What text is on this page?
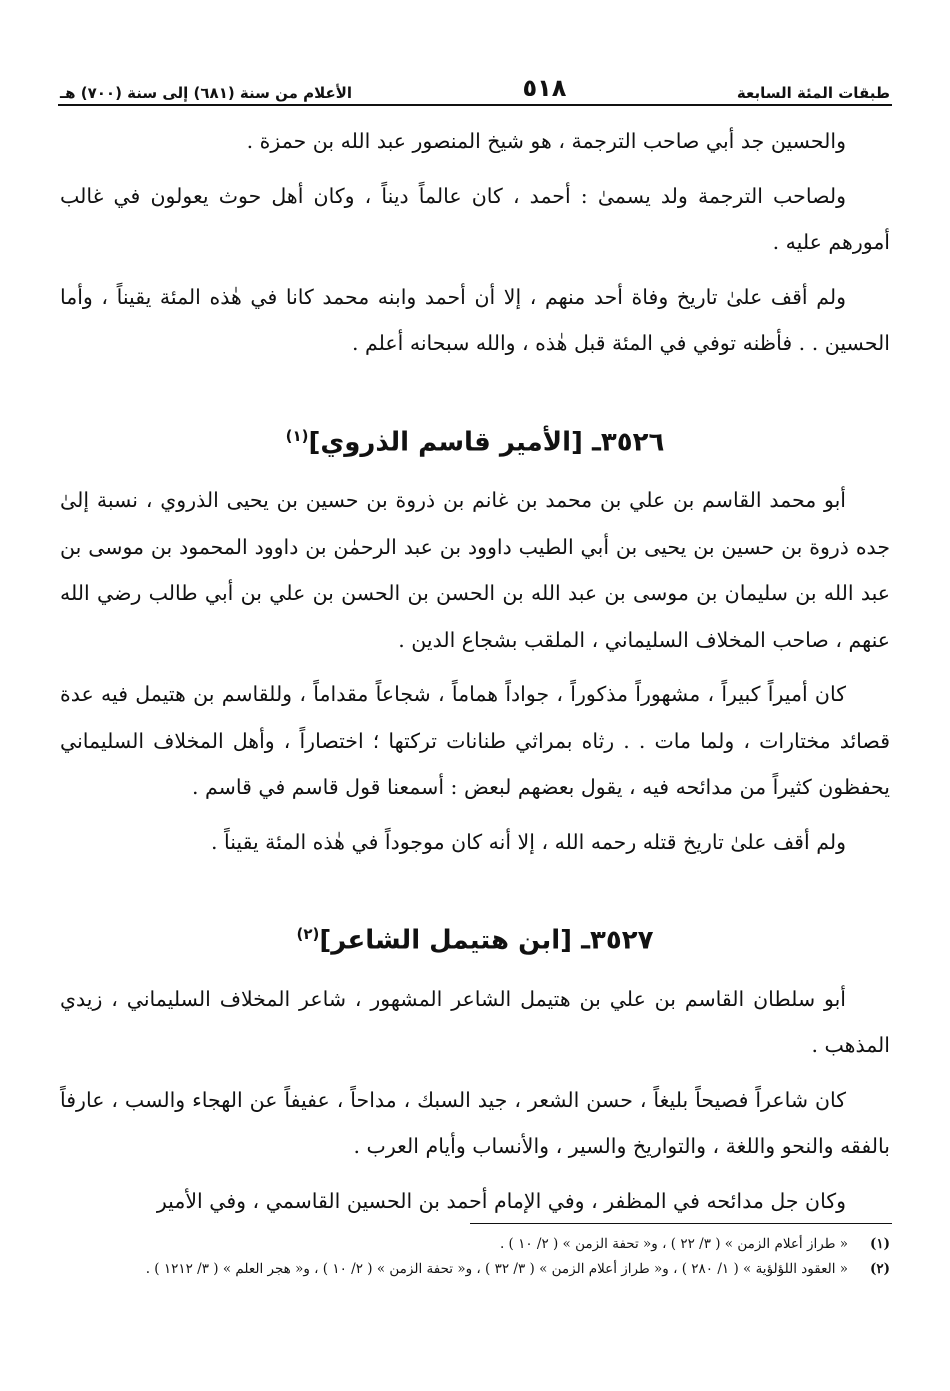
طبقات المئة السابعة
٥١٨
الأعلام من سنة (٦٨١) إلى سنة (٧٠٠) هـ

والحسين جد أبي صاحب الترجمة ، هو شيخ المنصور عبد الله بن حمزة .

ولصاحب الترجمة ولد يسمىٰ : أحمد ، كان عالماً ديناً ، وكان أهل حوث يعولون في غالب أمورهم عليه .

ولم أقف علىٰ تاريخ وفاة أحد منهم ، إلا أن أحمد وابنه محمد كانا في هٰذه المئة يقيناً ، وأما الحسين . . فأظنه توفي في المئة قبل هٰذه ، والله سبحانه أعلم .

٣٥٢٦ـ [الأمير قاسم الذروي]$^{(١)}$

أبو محمد القاسم بن علي بن محمد بن غانم بن ذروة بن حسين بن يحيى الذروي ، نسبة إلىٰ جده ذروة بن حسين بن يحيى بن أبي الطيب داوود بن عبد الرحمٰن بن داوود المحمود بن موسى بن عبد الله بن سليمان بن موسى بن عبد الله بن الحسن بن الحسن بن علي بن أبي طالب رضي الله عنهم ، صاحب المخلاف السليماني ، الملقب بشجاع الدين .

كان أميراً كبيراً ، مشهوراً مذكوراً ، جواداً هماماً ، شجاعاً مقداماً ، وللقاسم بن هتيمل فيه عدة قصائد مختارات ، ولما مات . . رثاه بمراثي طنانات تركتها ؛ اختصاراً ، وأهل المخلاف السليماني يحفظون كثيراً من مدائحه فيه ، يقول بعضهم لبعض : أسمعنا قول قاسم في قاسم .

ولم أقف علىٰ تاريخ قتله رحمه الله ، إلا أنه كان موجوداً في هٰذه المئة يقيناً .

٣٥٢٧ـ [ابن هتيمل الشاعر]$^{(٢)}$

أبو سلطان القاسم بن علي بن هتيمل الشاعر المشهور ، شاعر المخلاف السليماني ، زيدي المذهب .

كان شاعراً فصيحاً بليغاً ، حسن الشعر ، جيد السبك ، مداحاً ، عفيفاً عن الهجاء والسب ، عارفاً بالفقه والنحو واللغة ، والتواريخ والسير ، والأنساب وأيام العرب .

وكان جل مدائحه في المظفر ، وفي الإمام أحمد بن الحسين القاسمي ، وفي الأمير

(١)
« طراز أعلام الزمن » ( ٣/ ٢٢ ) ، و« تحفة الزمن » ( ٢/ ١٠ ) .
(٢)
« العقود اللؤلؤية » ( ١/ ٢٨٠ ) ، و« طراز أعلام الزمن » ( ٣/ ٣٢ ) ، و« تحفة الزمن » ( ٢/ ١٠ ) ، و« هجر العلم » ( ٣/ ١٢١٢ ) .
